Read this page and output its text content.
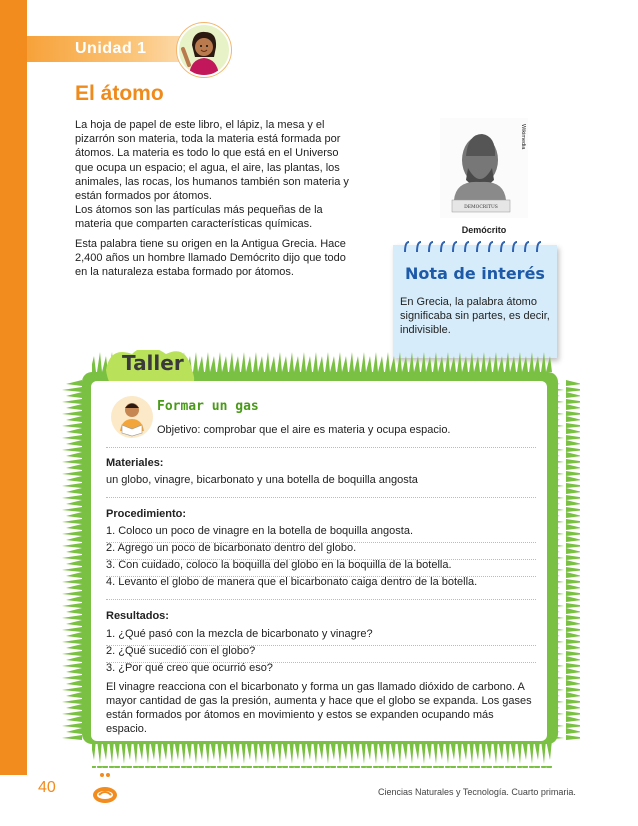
Unidad 1
El átomo

La hoja de papel de este libro, el lápiz, la mesa y el pizarrón son materia, toda la materia está formada por átomos. La materia es todo lo que está en el Universo que ocupa un espacio; el agua, el aire, las plantas, los animales, las rocas, los humanos también son materia y están formados por átomos.

Los átomos son las partículas más pequeñas de la materia que comparten características químicas.

Esta palabra tiene su origen en la Antigua Grecia. Hace 2,400 años un hombre llamado Demócrito dijo que todo en la naturaleza estaba formado por átomos.

DEMOCRITUS
Wikimedia
Demócrito
Nota de interés

En Grecia, la palabra átomo significaba sin partes, es decir, indivisible.

Taller
Formar un gas
Objetivo: comprobar que el aire es materia y ocupa espacio.
Materiales:
un globo, vinagre, bicarbonato y una botella de boquilla angosta
Procedimiento:
1. Coloco un poco de vinagre en la botella de boquilla angosta.
2. Agrego un poco de bicarbonato dentro del globo.
3. Con cuidado, coloco la boquilla del globo en la boquilla de la botella.
4. Levanto el globo de manera que el bicarbonato caiga dentro de la botella.
Resultados:
1. ¿Qué pasó con la mezcla de bicarbonato y vinagre?
2. ¿Qué sucedió con el globo?
3. ¿Por qué creo que ocurrió eso?

El vinagre reacciona con el bicarbonato y forma un gas llamado dióxido de carbono. A mayor cantidad de gas la presión, aumenta y hace que el globo se expanda. Los gases están formados por átomos en movimiento y estos se expanden ocupando más espacio.

40	Ciencias Naturales y Tecnología. Cuarto primaria.
